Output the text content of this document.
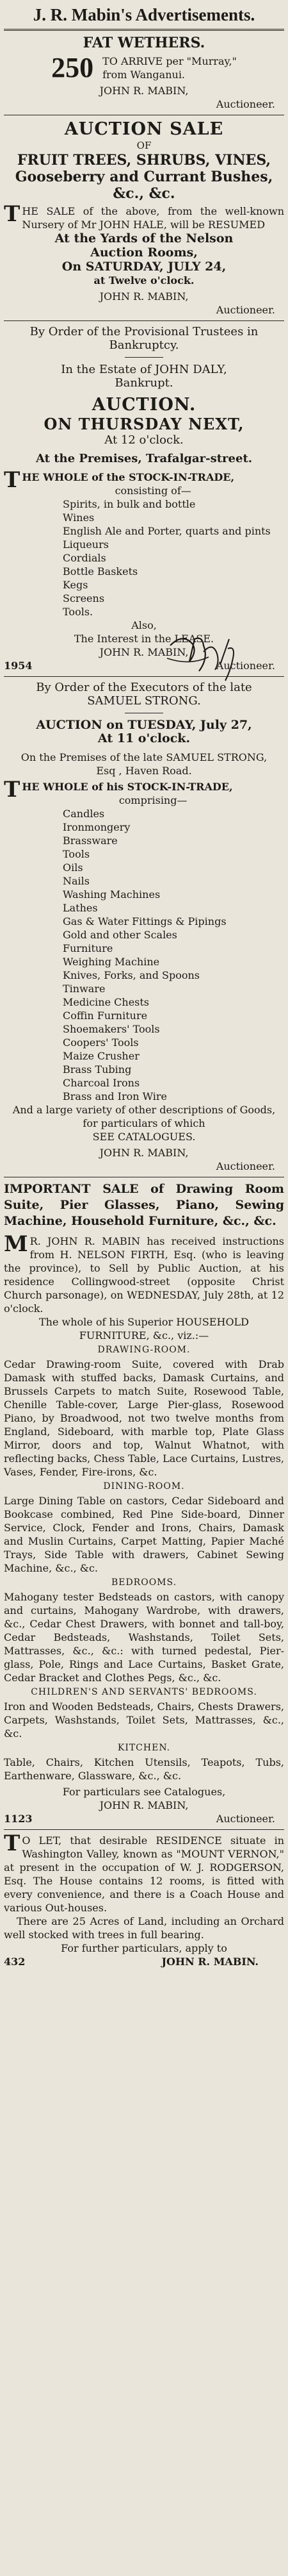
J. R. Mabin's Advertisements.
FAT WETHERS.
250 TO ARRIVE per "Murray,"
from Wanganui.
JOHN R. MABIN,
Auctioneer.
AUCTION SALE
OF
FRUIT TREES, SHRUBS, VINES,
Gooseberry and Currant Bushes,
&c., &c.
THE SALE of the above, from the well-known Nursery of Mr JOHN HALE, will be RESUMED
At the Yards of the Nelson
Auction Rooms,
On SATURDAY, JULY 24,
at Twelve o'clock.
JOHN R. MABIN,
Auctioneer.
By Order of the Provisional Trustees in
Bankruptcy.
In the Estate of JOHN DALY,
Bankrupt.
AUCTION.
ON THURSDAY NEXT,
At 12 o'clock.
At the Premises, Trafalgar-street.
THE WHOLE of the STOCK-IN-TRADE,
consisting of—
Spirits, in bulk and bottle
Wines
English Ale and Porter, quarts and pints
Liqueurs
Cordials
Bottle Baskets
Kegs
Screens
Tools.
Also,
The Interest in the LEASE.
JOHN R. MABIN,
1954	Auctioneer.
By Order of the Executors of the late
SAMUEL STRONG.
AUCTION on TUESDAY, July 27,
At 11 o'clock.
On the Premises of the late SAMUEL STRONG,
Esq , Haven Road.
THE WHOLE of his STOCK-IN-TRADE,
comprising—
Candles
Ironmongery
Brassware
Tools
Oils
Nails
Washing Machines
Lathes
Gas & Water Fittings & Pipings
Gold and other Scales
Furniture
Weighing Machine
Knives, Forks, and Spoons
Tinware
Medicine Chests
Coffin Furniture
Shoemakers' Tools
Coopers' Tools
Maize Crusher
Brass Tubing
Charcoal Irons
Brass and Iron Wire
And a large variety of other descriptions of Goods, for particulars of which
SEE CATALOGUES.
JOHN R. MABIN,
Auctioneer.
IMPORTANT SALE of Drawing Room Suite, Pier Glasses, Piano, Sewing Machine, Household Furniture, &c., &c.
MR. JOHN R. MABIN has received instructions from H. NELSON FIRTH, Esq. (who is leaving the province), to Sell by Public Auction, at his residence Collingwood-street (opposite Christ Church parsonage), on WEDNESDAY, July 28th, at 12 o'clock.
The whole of his Superior HOUSEHOLD FURNITURE, &c., viz.:—
DRAWING-ROOM.
Cedar Drawing-room Suite, covered with Drab Damask with stuffed backs, Damask Curtains, and Brussels Carpets to match Suite, Rosewood Table, Chenille Table-cover, Large Pier-glass, Rosewood Piano, by Broadwood, not two twelve months from England, Sideboard, with marble top, Plate Glass Mirror, doors and top, Walnut Whatnot, with reflecting backs, Chess Table, Lace Curtains, Lustres, Vases, Fender, Fire-irons, &c.
DINING-ROOM.
Large Dining Table on castors, Cedar Sideboard and Bookcase combined, Red Pine Side-board, Dinner Service, Clock, Fender and Irons, Chairs, Damask and Muslin Curtains, Carpet Matting, Papier Maché Trays, Side Table with drawers, Cabinet Sewing Machine, &c., &c.
BEDROOMS.
Mahogany tester Bedsteads on castors, with canopy and curtains, Mahogany Wardrobe, with drawers, &c., Cedar Chest Drawers, with bonnet and tall-boy, Cedar Bedsteads, Washstands, Toilet Sets, Mattrasses, &c., &c.: with turned pedestal, Pier-glass, Pole, Rings and Lace Curtains, Basket Grate, Cedar Bracket and Clothes Pegs, &c., &c.
CHILDREN'S AND SERVANTS' BEDROOMS.
Iron and Wooden Bedsteads, Chairs, Chests Drawers, Carpets, Washstands, Toilet Sets, Mattrasses, &c., &c.
KITCHEN.
Table, Chairs, Kitchen Utensils, Teapots, Tubs, Earthenware, Glassware, &c., &c.
For particulars see Catalogues,
JOHN R. MABIN,
1123	Auctioneer.
TO LET, that desirable RESIDENCE situate in Washington Valley, known as "MOUNT VERNON," at present in the occupation of W. J. RODGERSON, Esq. The House contains 12 rooms, is fitted with every convenience, and there is a Coach House and various Out-houses.
There are 25 Acres of Land, including an Orchard well stocked with trees in full bearing.
For further particulars, apply to
432	JOHN R. MABIN.
